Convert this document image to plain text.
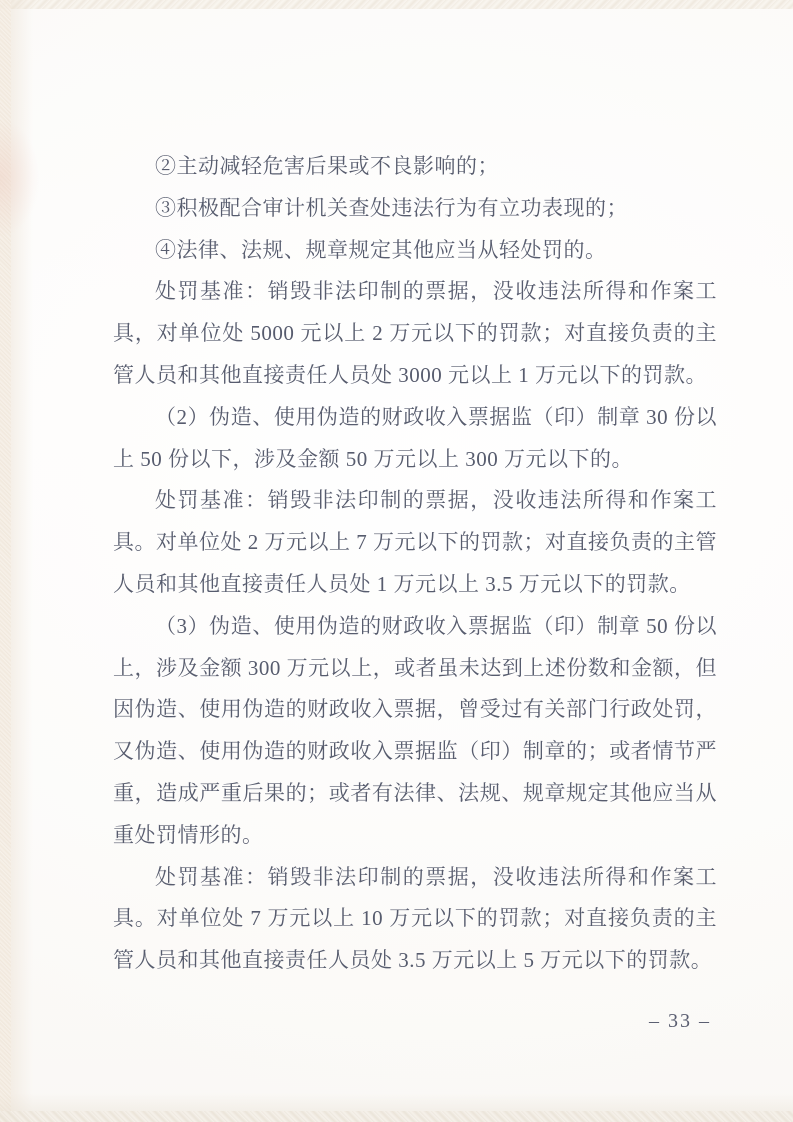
②主动减轻危害后果或不良影响的；

③积极配合审计机关查处违法行为有立功表现的；

④法律、法规、规章规定其他应当从轻处罚的。

处罚基准：销毁非法印制的票据，没收违法所得和作案工具，对单位处 5000 元以上 2 万元以下的罚款；对直接负责的主管人员和其他直接责任人员处 3000 元以上 1 万元以下的罚款。

（2）伪造、使用伪造的财政收入票据监（印）制章 30 份以上 50 份以下，涉及金额 50 万元以上 300 万元以下的。

处罚基准：销毁非法印制的票据，没收违法所得和作案工具。对单位处 2 万元以上 7 万元以下的罚款；对直接负责的主管人员和其他直接责任人员处 1 万元以上 3.5 万元以下的罚款。

（3）伪造、使用伪造的财政收入票据监（印）制章 50 份以上，涉及金额 300 万元以上，或者虽未达到上述份数和金额，但因伪造、使用伪造的财政收入票据，曾受过有关部门行政处罚，又伪造、使用伪造的财政收入票据监（印）制章的；或者情节严重，造成严重后果的；或者有法律、法规、规章规定其他应当从重处罚情形的。

处罚基准：销毁非法印制的票据，没收违法所得和作案工具。对单位处 7 万元以上 10 万元以下的罚款；对直接负责的主管人员和其他直接责任人员处 3.5 万元以上 5 万元以下的罚款。

– 33 –
